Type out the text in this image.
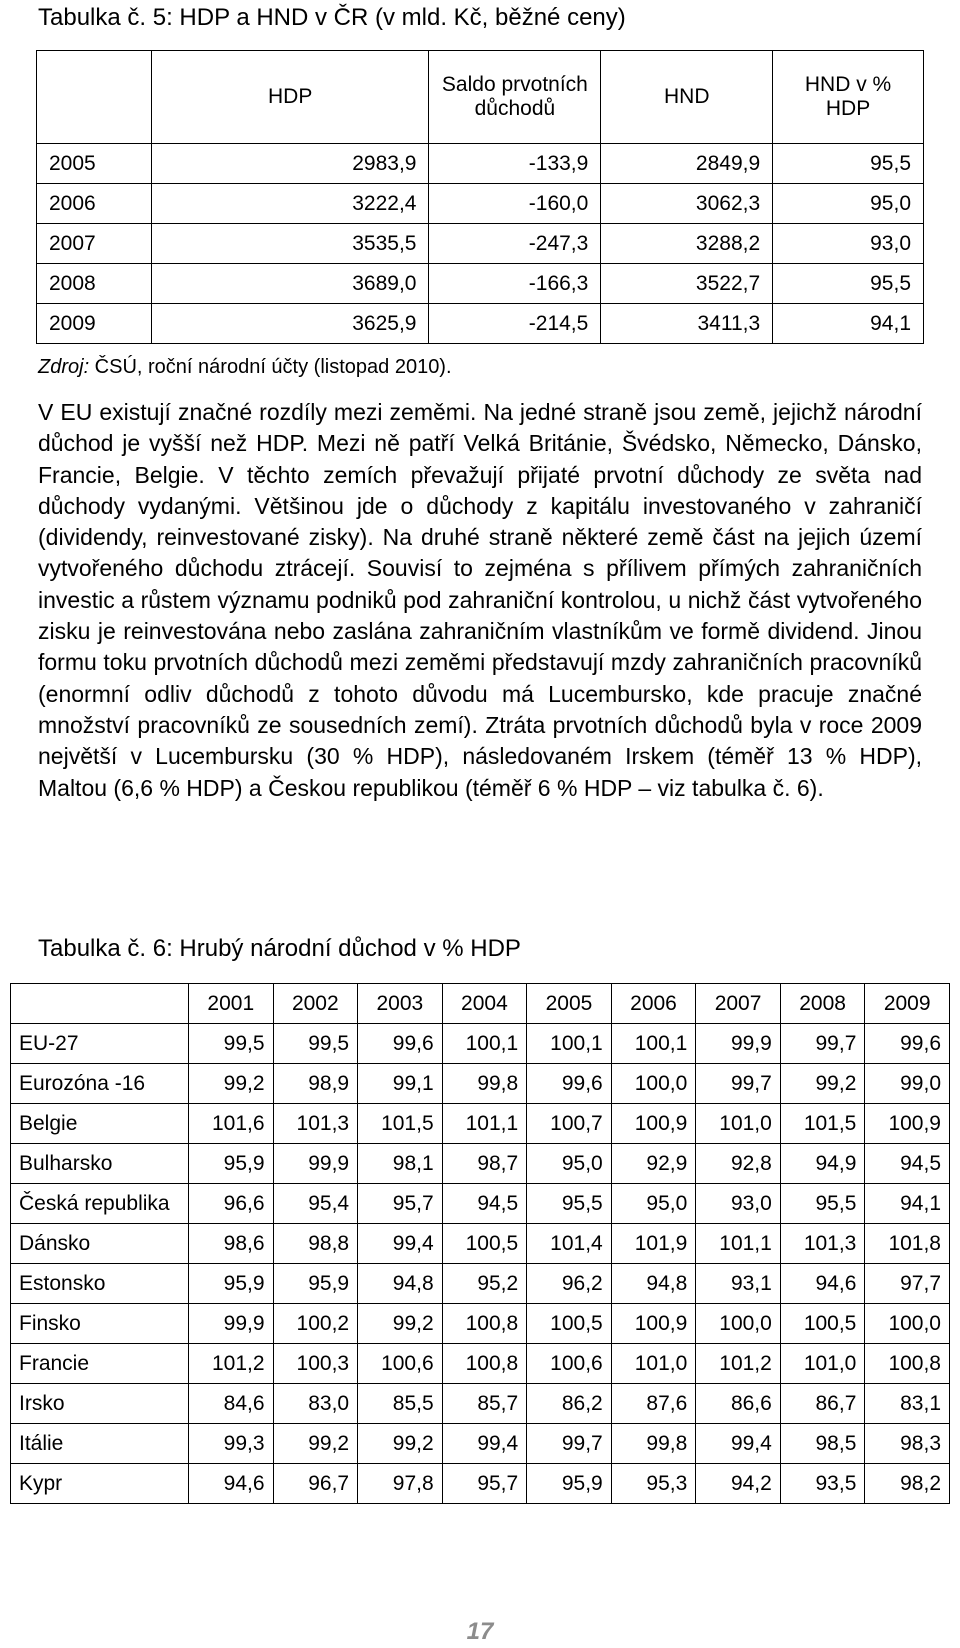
Tabulka č. 5: HDP a HND v ČR (v mld. Kč, běžné ceny)
	HDP	Saldo prvotních důchodů	HND	HND v % HDP
2005	2983,9	-133,9	2849,9	95,5
2006	3222,4	-160,0	3062,3	95,0
2007	3535,5	-247,3	3288,2	93,0
2008	3689,0	-166,3	3522,7	95,5
2009	3625,9	-214,5	3411,3	94,1
Zdroj: ČSÚ, roční národní účty (listopad 2010).
V EU existují značné rozdíly mezi zeměmi. Na jedné straně jsou země, jejichž národní důchod je vyšší než HDP. Mezi ně patří Velká Británie, Švédsko, Německo, Dánsko, Francie, Belgie. V těchto zemích převažují přijaté prvotní důchody ze světa nad důchody vydanými. Většinou jde o důchody z kapitálu investovaného v zahraničí (dividendy, reinvestované zisky). Na druhé straně některé země část na jejich území vytvořeného důchodu ztrácejí. Souvisí to zejména s přílivem přímých zahraničních investic a růstem významu podniků pod zahraniční kontrolou, u nichž část vytvořeného zisku je reinvestována nebo zaslána zahraničním vlastníkům ve formě dividend. Jinou formu toku prvotních důchodů mezi zeměmi představují mzdy zahraničních pracovníků (enormní odliv důchodů z tohoto důvodu má Lucembursko, kde pracuje značné množství pracovníků ze sousedních zemí). Ztráta prvotních důchodů byla v roce 2009 největší v Lucembursku (30 % HDP), následovaném Irskem (téměř 13 % HDP), Maltou (6,6 % HDP) a Českou republikou (téměř 6 % HDP – viz tabulka č. 6).
Tabulka č. 6: Hrubý národní důchod v % HDP
	2001	2002	2003	2004	2005	2006	2007	2008	2009
EU-27	99,5	99,5	99,6	100,1	100,1	100,1	99,9	99,7	99,6
Eurozóna -16	99,2	98,9	99,1	99,8	99,6	100,0	99,7	99,2	99,0
Belgie	101,6	101,3	101,5	101,1	100,7	100,9	101,0	101,5	100,9
Bulharsko	95,9	99,9	98,1	98,7	95,0	92,9	92,8	94,9	94,5
Česká republika	96,6	95,4	95,7	94,5	95,5	95,0	93,0	95,5	94,1
Dánsko	98,6	98,8	99,4	100,5	101,4	101,9	101,1	101,3	101,8
Estonsko	95,9	95,9	94,8	95,2	96,2	94,8	93,1	94,6	97,7
Finsko	99,9	100,2	99,2	100,8	100,5	100,9	100,0	100,5	100,0
Francie	101,2	100,3	100,6	100,8	100,6	101,0	101,2	101,0	100,8
Irsko	84,6	83,0	85,5	85,7	86,2	87,6	86,6	86,7	83,1
Itálie	99,3	99,2	99,2	99,4	99,7	99,8	99,4	98,5	98,3
Kypr	94,6	96,7	97,8	95,7	95,9	95,3	94,2	93,5	98,2
17
